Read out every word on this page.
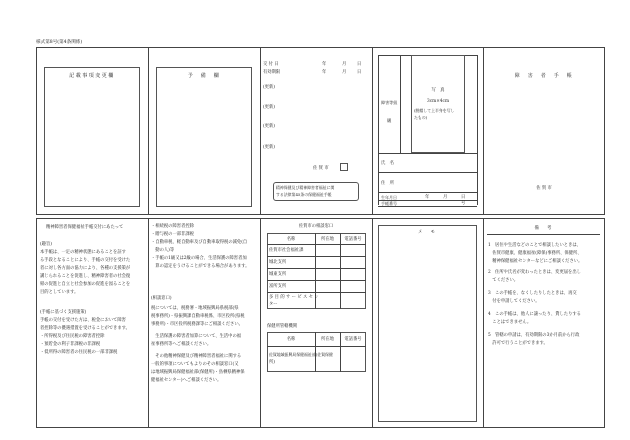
様式第8号(第4条関係)
記載事項変更欄	予　備　欄
交 付 日	年	月 日
有効期限	年	月 日
(更新)
(更新)
(更新)
(更新)
佐 賀 市
精神保健及び精神障害者福祉に関
する法律第45条の保健福祉手帳
障害等級
級
写　真
3cm×4cm
(脱帽して上半身を写し
たもの)
氏　名
住　所
生年月日	年	月	日
手帳番号	号
障　害　者　手　帳
佐 賀 市
精神障害者保健福祉手帳交付にあたって
(趣旨)
本手帳は、一定の精神状態にあることを証す
る手段となることにより、手帳の交付を受けた
者に対し各方面の協力により、各種の支援策が
講じられることを促進し、精神障害者の社会復
帰の促進と自立と社会参加の促進を図ることを
目的としています。
(手帳に基づく支援施策)
手帳の交付を受けた方は、税金において障害
者控除等の優遇措置を受けることができます。
・所得税及び住民税の障害者控除
・預貯金の利子非課税の非課税
・低所得の障害者の住民税の一部非課税
・相続税の障害者控除
・贈与税の一部非課税
・自動車税、軽自動車及び自動車取得税の減免(自
　動の人)等
・手帳の1級又は2級の場合、生活保護の障害者加
　算の認定をうけることができる場合があります。
(相談窓口)
税については、税務署・地域振興局県税部(県
税事務所)・県振興課自動車税係、市区役所(県税
事務所)・市区役所税務課等にご相談ください。
　生活保護の障害者加算について、生活中の福
祉事務所等へご相談ください。
　その他精神保健及び精神障害者福祉に関する
一般的事項についてもよりのその相談窓口(又
は地域振興局保健福祉部(保健所)・鳥栖県精神保
健福祉センター)へご相談ください。
佐賀市の相談窓口
名称	所在地	電話番号
佐賀市社会福祉課
城北支所
城東支所
富所支所
多 目 的 サ ー ビ ス セ ン
ター
保健所管轄機関
名称	所在地	電話番号
佐賀地域振興局保健福祉部(佐賀保健
所)
メ　モ
備　考
1　居住や生活などのことで相談したいときは、
　佐賀市健康、健康福祉(障保)事務所、保健所、
　精神保健福祉センターなどにご相談ください。
2　住所や氏名が変わったときは、変更届を出し
　てください。
3　この手帳を、なくしたりしたときは、再交
　付を申請してください。
4　この手帳は、他人に譲ったり、貸したりする
　ことはできません。
5　管轄の申請は、有効期限の3か月前から行政
　許可で行うことができます。
